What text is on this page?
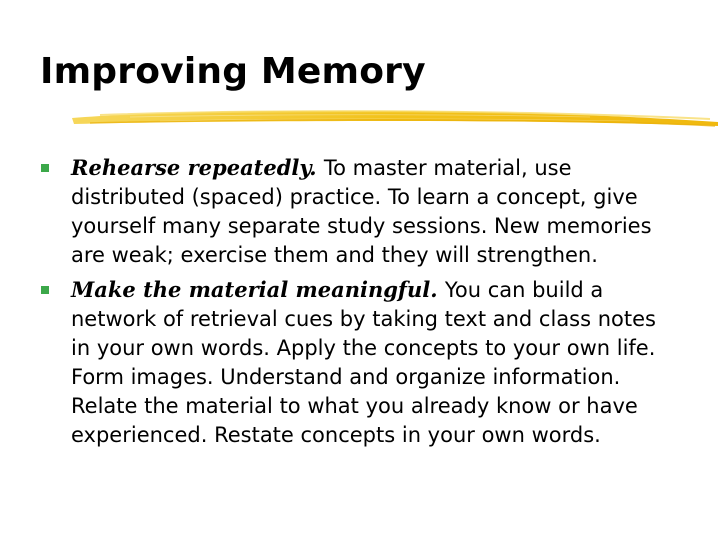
Improving Memory
Rehearse repeatedly. To master material, use distributed (spaced) practice. To learn a concept, give yourself many separate study sessions. New memories are weak; exercise them and they will strengthen.
Make the material meaningful. You can build a network of retrieval cues by taking text and class notes in your own words. Apply the concepts to your own life. Form images. Understand and organize information. Relate the material to what you already know or have experienced. Restate concepts in your own words.
